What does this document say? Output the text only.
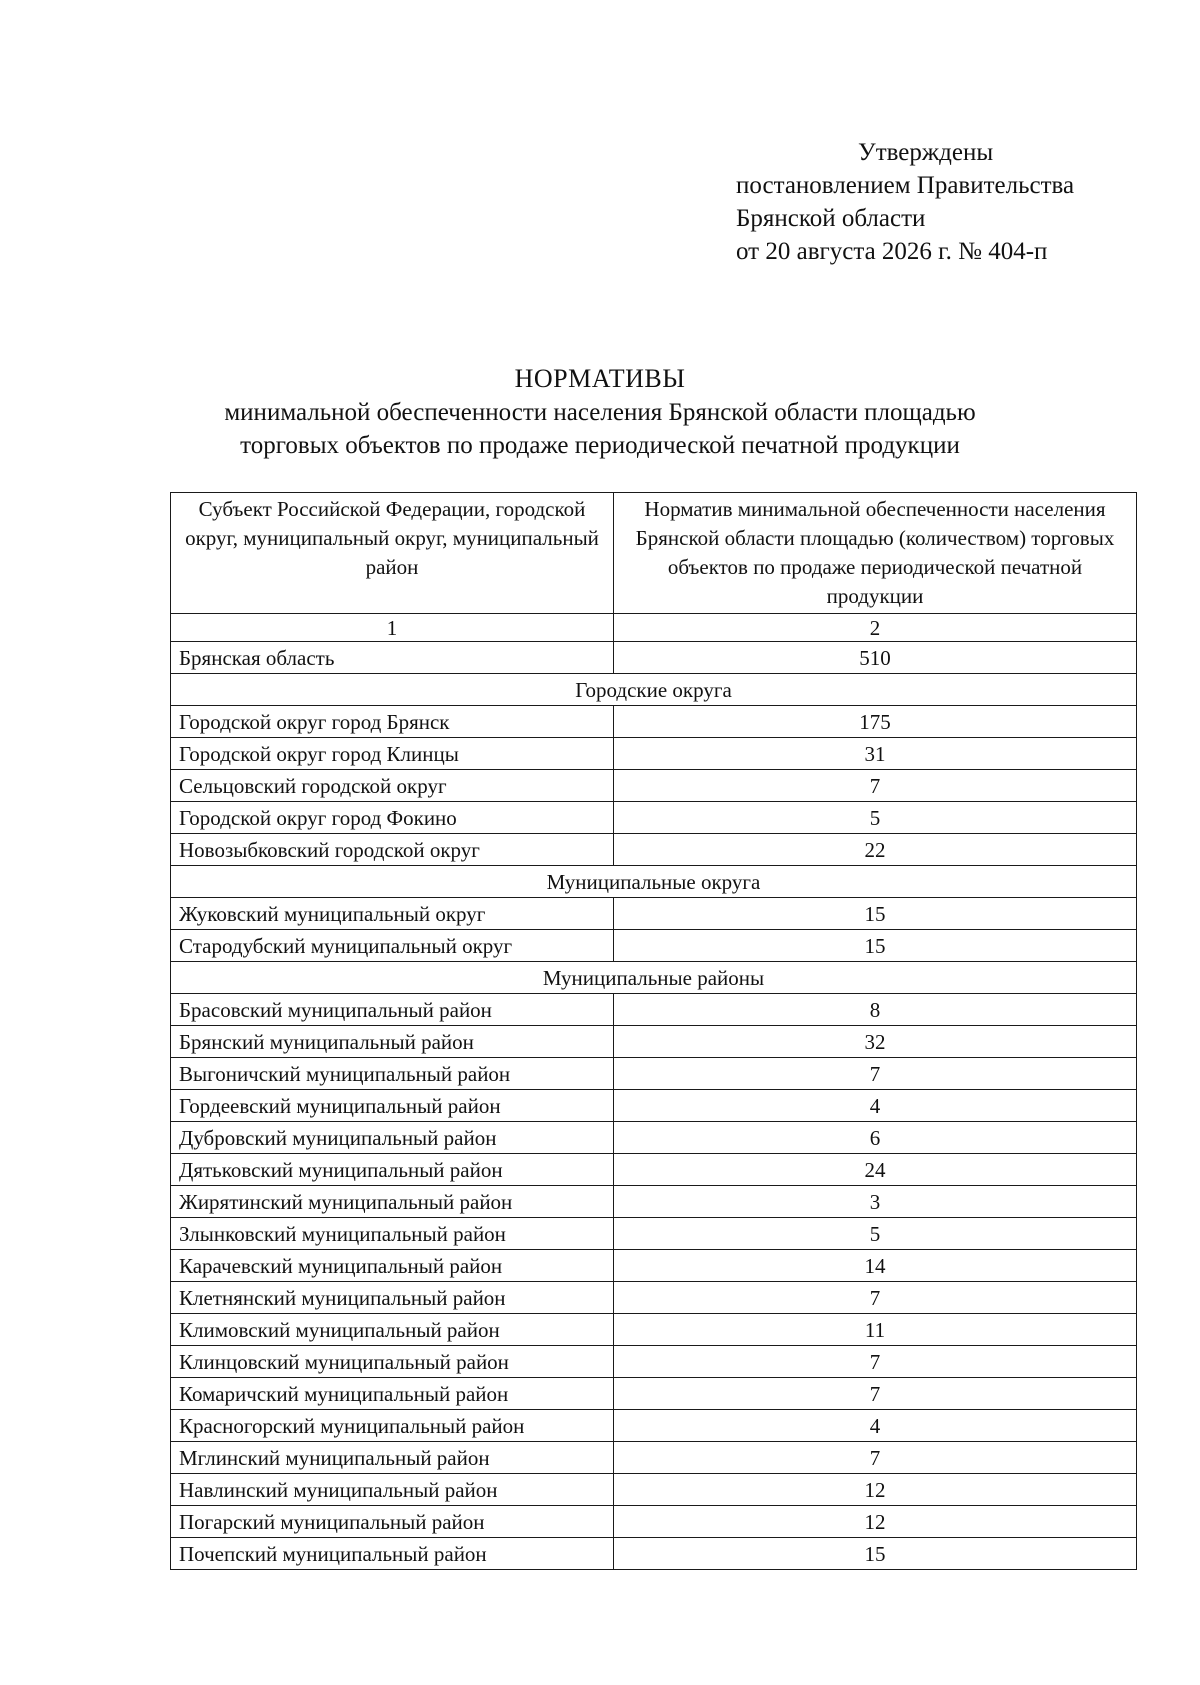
Утверждены
постановлением Правительства
Брянской области
от 20 августа 2026 г. № 404-п
НОРМАТИВЫ
минимальной обеспеченности населения Брянской области площадью
торговых объектов по продаже периодической печатной продукции
Субъект Российской Федерации, городской округ, муниципальный округ, муниципальный район	Норматив минимальной обеспеченности населения Брянской области площадью (количеством) торговых объектов по продаже периодической печатной продукции
1	2
Брянская область	510
Городские округа	
Городской округ город Брянск	175
Городской округ город Клинцы	31
Сельцовский городской округ	7
Городской округ город Фокино	5
Новозыбковский городской округ	22
Муниципальные округа	
Жуковский муниципальный округ	15
Стародубский муниципальный округ	15
Муниципальные районы	
Брасовский муниципальный район	8
Брянский муниципальный район	32
Выгоничский муниципальный район	7
Гордеевский муниципальный район	4
Дубровский муниципальный район	6
Дятьковский муниципальный район	24
Жирятинский муниципальный район	3
Злынковский муниципальный район	5
Карачевский муниципальный район	14
Клетнянский муниципальный район	7
Климовский муниципальный район	11
Клинцовский муниципальный район	7
Комаричский муниципальный район	7
Красногорский муниципальный район	4
Мглинский муниципальный район	7
Навлинский муниципальный район	12
Погарский муниципальный район	12
Почепский муниципальный район	15
